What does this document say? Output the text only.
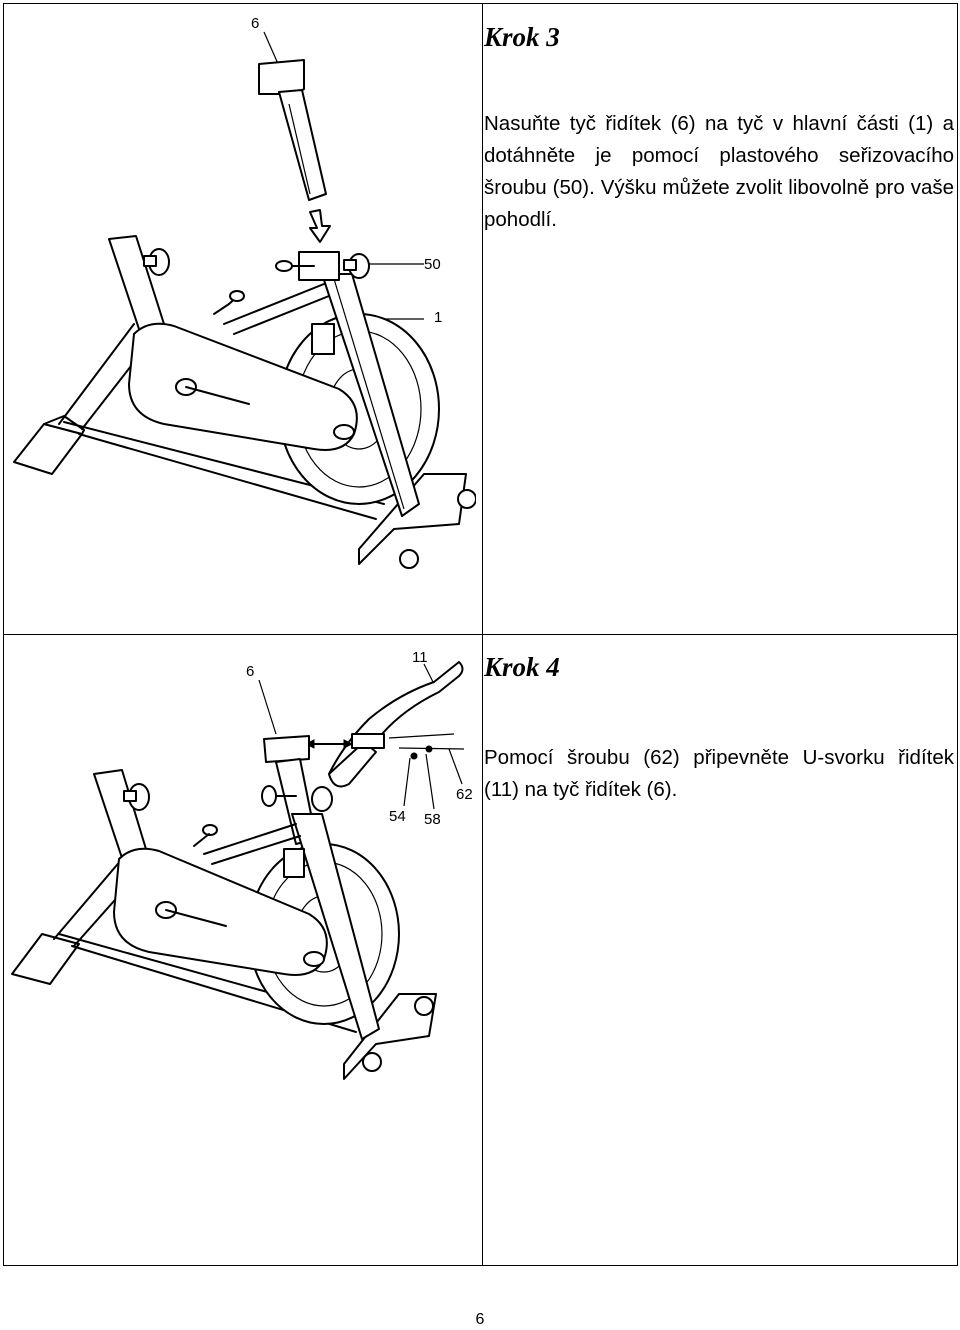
Krok 3
Nasuňte tyč řidítek (6) na tyč v hlavní části (1) a dotáhněte je pomocí plastového seřizovacího šroubu (50). Výšku můžete zvolit libovolně pro vaše pohodlí.
6
50
1
Krok 4
Pomocí šroubu (62) připevněte U-svorku řidítek (11) na tyč řidítek (6).
6
11
54 58
62
6
